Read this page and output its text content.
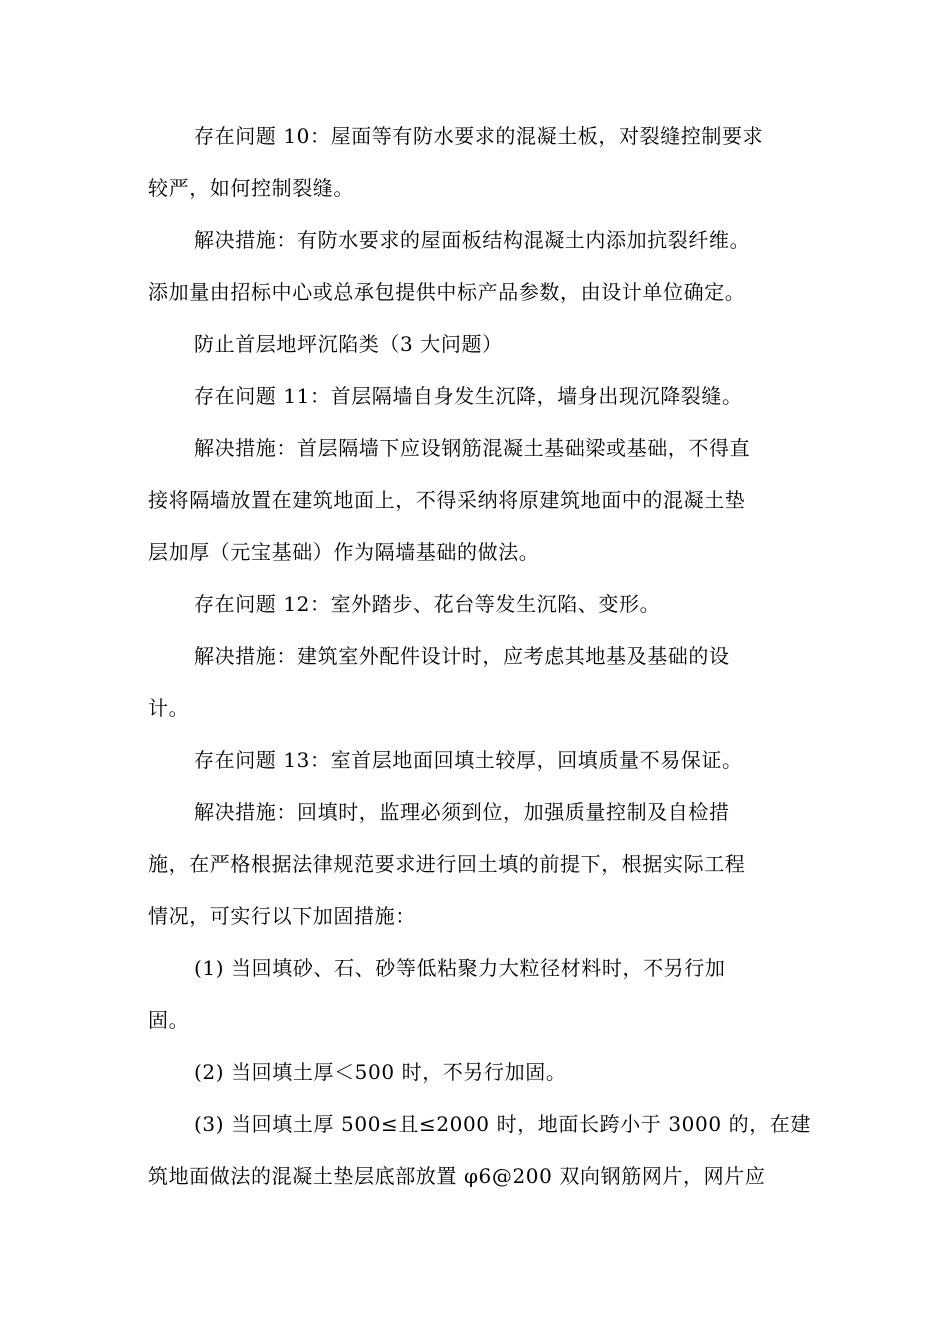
存在问题 10：屋面等有防水要求的混凝土板，对裂缝控制要求
较严，如何控制裂缝。
解决措施：有防水要求的屋面板结构混凝土内添加抗裂纤维。
添加量由招标中心或总承包提供中标产品参数，由设计单位确定。
防止首层地坪沉陷类（3 大问题）
存在问题 11：首层隔墙自身发生沉降，墙身出现沉降裂缝。
解决措施：首层隔墙下应设钢筋混凝土基础梁或基础，不得直
接将隔墙放置在建筑地面上，不得采纳将原建筑地面中的混凝土垫
层加厚（元宝基础）作为隔墙基础的做法。
存在问题 12：室外踏步、花台等发生沉陷、变形。
解决措施：建筑室外配件设计时，应考虑其地基及基础的设
计。
存在问题 13：室首层地面回填土较厚，回填质量不易保证。
解决措施：回填时，监理必须到位，加强质量控制及自检措
施，在严格根据法律规范要求进行回土填的前提下，根据实际工程
情况，可实行以下加固措施：
(1) 当回填砂、石、砂等低粘聚力大粒径材料时，不另行加
固。
(2) 当回填土厚＜500 时，不另行加固。
(3) 当回填土厚 500≤且≤2000 时，地面长跨小于 3000 的，在建
筑地面做法的混凝土垫层底部放置 φ6@200 双向钢筋网片，网片应
